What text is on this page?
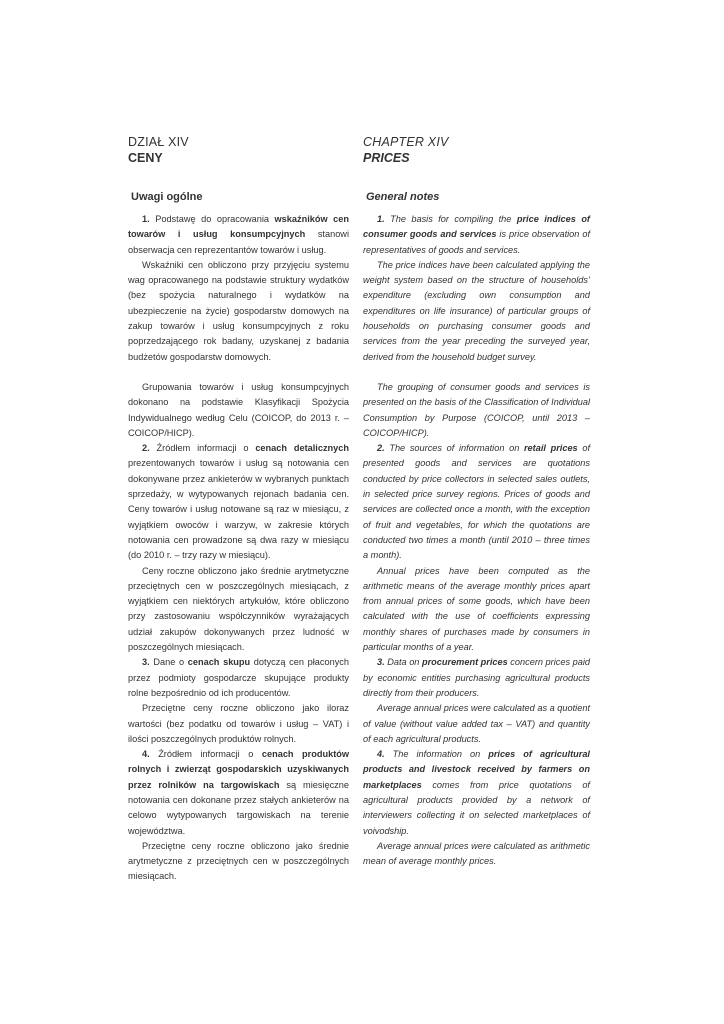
DZIAŁ XIV

CENY

Uwagi ogólne

1. Podstawę do opracowania wskaźników cen towarów i usług konsumpcyjnych stanowi obserwacja cen reprezentantów towarów i usług.

Wskaźniki cen obliczono przy przyjęciu systemu wag opracowanego na podstawie struktury wydatków (bez spożycia naturalnego i wydatków na ubezpieczenie na życie) gospodarstw domowych na zakup towarów i usług konsumpcyjnych z roku poprzedzającego rok badany, uzyskanej z badania budżetów gospodarstw domowych.

Grupowania towarów i usług konsumpcyjnych dokonano na podstawie Klasyfikacji Spożycia Indywidualnego według Celu (COICOP, do 2013 r. – COICOP/HICP).

2. Źródłem informacji o cenach detalicznych prezentowanych towarów i usług są notowania cen dokonywane przez ankieterów w wybranych punktach sprzedaży, w wytypowanych rejonach badania cen. Ceny towarów i usług notowane są raz w miesiącu, z wyjątkiem owoców i warzyw, w zakresie których notowania cen prowadzone są dwa razy w miesiącu (do 2010 r. – trzy razy w miesiącu).

Ceny roczne obliczono jako średnie arytmetyczne przeciętnych cen w poszczególnych miesiącach, z wyjątkiem cen niektórych artykułów, które obliczono przy zastosowaniu współczynników wyrażających udział zakupów dokonywanych przez ludność w poszczególnych miesiącach.

3. Dane o cenach skupu dotyczą cen płaconych przez podmioty gospodarcze skupujące produkty rolne bezpośrednio od ich producentów.

Przeciętne ceny roczne obliczono jako iloraz wartości (bez podatku od towarów i usług – VAT) i ilości poszczególnych produktów rolnych.

4. Źródłem informacji o cenach produktów rolnych i zwierząt gospodarskich uzyskiwanych przez rolników na targowiskach są miesięczne notowania cen dokonane przez stałych ankieterów na celowo wytypowanych targowiskach na terenie województwa.

Przeciętne ceny roczne obliczono jako średnie arytmetyczne z przeciętnych cen w poszczególnych miesiącach.

CHAPTER XIV

PRICES

General notes

1. The basis for compiling the price indices of consumer goods and services is price observation of representatives of goods and services.

The price indices have been calculated applying the weight system based on the structure of households’ expenditure (excluding own consumption and expenditures on life insurance) of particular groups of households on purchasing consumer goods and services from the year preceding the surveyed year, derived from the household budget survey.

The grouping of consumer goods and services is presented on the basis of the Classification of Individual Consumption by Purpose (COICOP, until 2013 – COICOP/HICP).

2. The sources of information on retail prices of presented goods and services are quotations conducted by price collectors in selected sales outlets, in selected price survey regions. Prices of goods and services are collected once a month, with the exception of fruit and vegetables, for which the quotations are conducted two times a month (until 2010 – three times a month).

Annual prices have been computed as the arithmetic means of the average monthly prices apart from annual prices of some goods, which have been calculated with the use of coefficients expressing monthly shares of purchases made by consumers in particular months of a year.

3. Data on procurement prices concern prices paid by economic entities purchasing agricultural products directly from their producers.

Average annual prices were calculated as a quotient of value (without value added tax – VAT) and quantity of each agricultural products.

4. The information on prices of agricultural products and livestock received by farmers on marketplaces comes from price quotations of agricultural products provided by a network of interviewers collecting it on selected marketplaces of voivodship.

Average annual prices were calculated as arithmetic mean of average monthly prices.
